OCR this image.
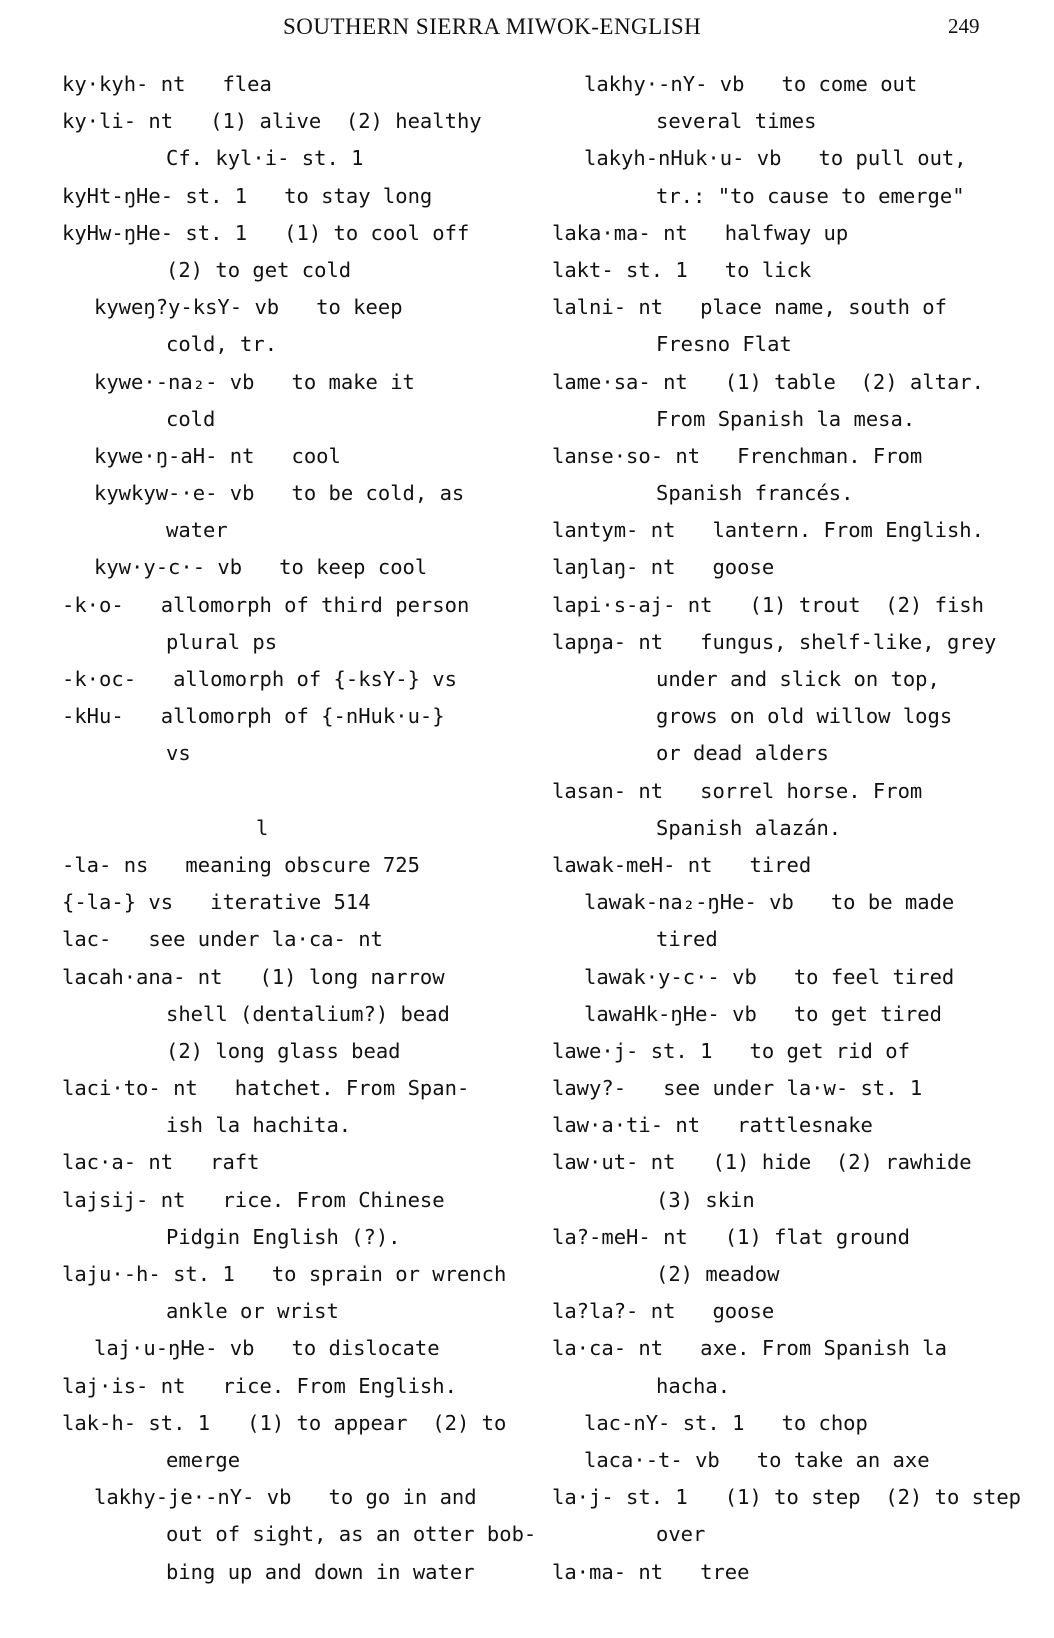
SOUTHERN SIERRA MIWOK-ENGLISH	249
ky·kyh- nt   flea
ky·li- nt   (1) alive  (2) healthy
Cf. kyl·i- st. 1
kyHt-ŋHe- st. 1   to stay long
kyHw-ŋHe- st. 1   (1) to cool off
(2) to get cold
kyweŋ?y-ksY- vb   to keep
cold, tr.
kywe·-na₂- vb   to make it
cold
kywe·ŋ-aH- nt   cool
kywkyw-·e- vb   to be cold, as
water
kyw·y-c·- vb   to keep cool
-k·o-   allomorph of third person
plural ps
-k·oc-   allomorph of {-ksY-} vs
-kHu-   allomorph of {-nHuk·u-}
vs
l
-la- ns   meaning obscure 725
{-la-} vs   iterative 514
lac-   see under la·ca- nt
lacah·ana- nt   (1) long narrow
shell (dentalium?) bead
(2) long glass bead
laci·to- nt   hatchet. From Span-
ish la hachita.
lac·a- nt   raft
lajsij- nt   rice. From Chinese
Pidgin English (?).
laju·-h- st. 1   to sprain or wrench
ankle or wrist
laj·u-ŋHe- vb   to dislocate
laj·is- nt   rice. From English.
lak-h- st. 1   (1) to appear  (2) to
emerge
lakhy-je·-nY- vb   to go in and
out of sight, as an otter bob-
bing up and down in water
lakhy·-nY- vb   to come out
several times
lakyh-nHuk·u- vb   to pull out,
tr.: "to cause to emerge"
laka·ma- nt   halfway up
lakt- st. 1   to lick
lalni- nt   place name, south of
Fresno Flat
lame·sa- nt   (1) table  (2) altar.
From Spanish la mesa.
lanse·so- nt   Frenchman. From
Spanish francés.
lantym- nt   lantern. From English.
laŋlaŋ- nt   goose
lapi·s-aj- nt   (1) trout  (2) fish
lapŋa- nt   fungus, shelf-like, grey
under and slick on top,
grows on old willow logs
or dead alders
lasan- nt   sorrel horse. From
Spanish alazán.
lawak-meH- nt   tired
lawak-na₂-ŋHe- vb   to be made
tired
lawak·y-c·- vb   to feel tired
lawaHk-ŋHe- vb   to get tired
lawe·j- st. 1   to get rid of
lawy?-   see under la·w- st. 1
law·a·ti- nt   rattlesnake
law·ut- nt   (1) hide  (2) rawhide
(3) skin
la?-meH- nt   (1) flat ground
(2) meadow
la?la?- nt   goose
la·ca- nt   axe. From Spanish la
hacha.
lac-nY- st. 1   to chop
laca·-t- vb   to take an axe
la·j- st. 1   (1) to step  (2) to step
over
la·ma- nt   tree
